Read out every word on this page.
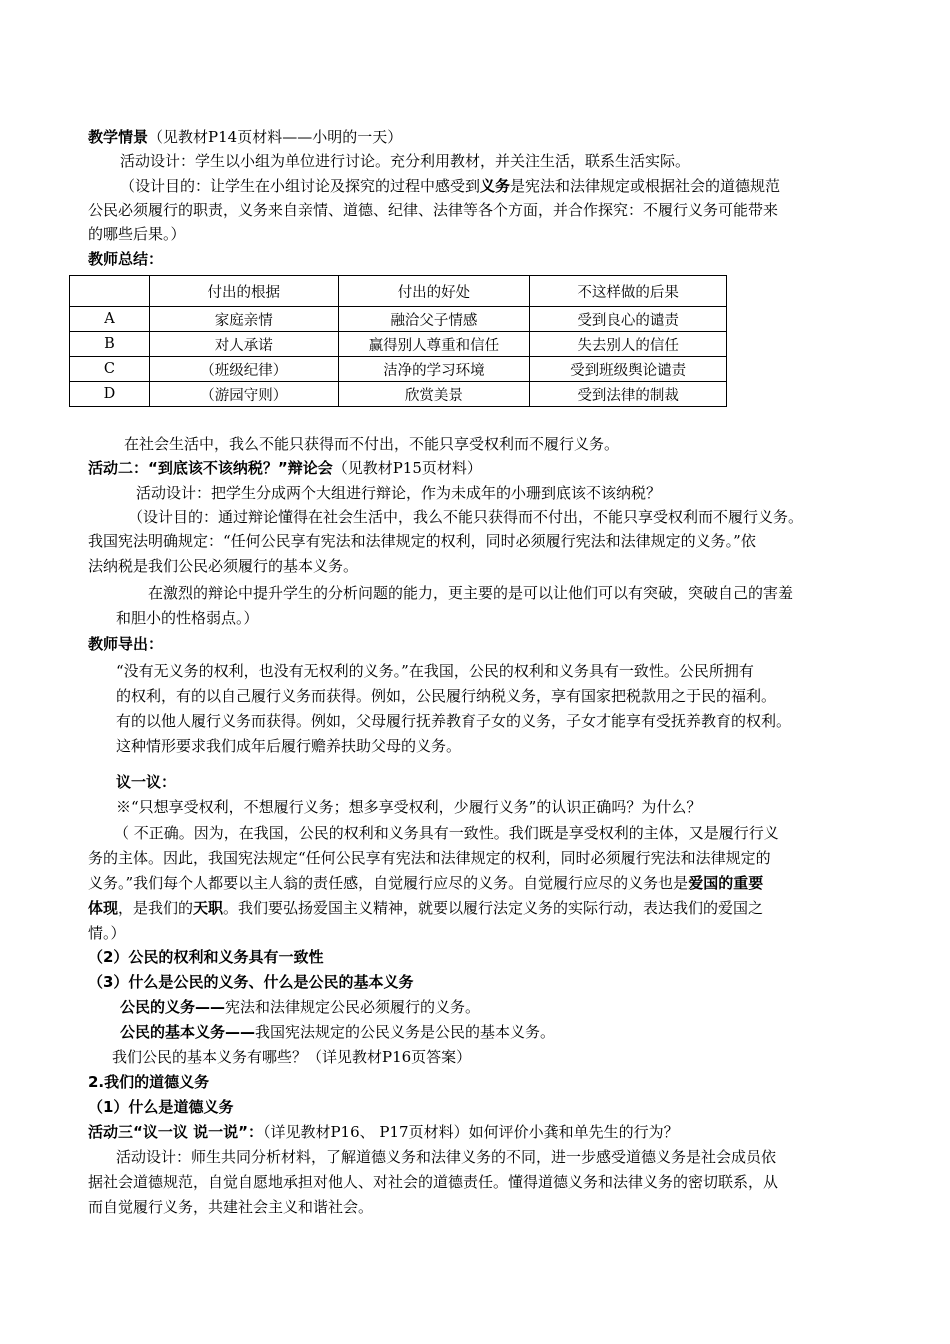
教学情景（见教材P14页材料——小明的一天）
活动设计：学生以小组为单位进行讨论。充分利用教材，并关注生活，联系生活实际。
（设计目的：让学生在小组讨论及探究的过程中感受到义务是宪法和法律规定或根据社会的道德规范
公民必须履行的职责，义务来自亲情、道德、纪律、法律等各个方面，并合作探究：不履行义务可能带来
的哪些后果。）
教师总结：
	付出的根据	付出的好处	不这样做的后果
A	家庭亲情	融洽父子情感	受到良心的谴责
B	对人承诺	赢得别人尊重和信任	失去别人的信任
C	（班级纪律）	洁净的学习环境	受到班级舆论谴责
D	（游园守则）	欣赏美景	受到法律的制裁
在社会生活中，我么不能只获得而不付出，不能只享受权利而不履行义务。
活动二：“到底该不该纳税？”辩论会（见教材P15页材料）
活动设计：把学生分成两个大组进行辩论，作为未成年的小珊到底该不该纳税？
（设计目的：通过辩论懂得在社会生活中，我么不能只获得而不付出，不能只享受权利而不履行义务。
我国宪法明确规定：“任何公民享有宪法和法律规定的权利，同时必须履行宪法和法律规定的义务。”依
法纳税是我们公民必须履行的基本义务。
在激烈的辩论中提升学生的分析问题的能力，更主要的是可以让他们可以有突破，突破自己的害羞
和胆小的性格弱点。）
教师导出：
“没有无义务的权利，也没有无权利的义务。”在我国，公民的权利和义务具有一致性。公民所拥有
的权利，有的以自己履行义务而获得。例如，公民履行纳税义务，享有国家把税款用之于民的福利。
有的以他人履行义务而获得。例如，父母履行抚养教育子女的义务，子女才能享有受抚养教育的权利。
这种情形要求我们成年后履行赡养扶助父母的义务。
议一议：
※“只想享受权利，不想履行义务；想多享受权利，少履行义务”的认识正确吗？为什么？
（ 不正确。因为，在我国，公民的权利和义务具有一致性。我们既是享受权利的主体，又是履行行义
务的主体。因此，我国宪法规定“任何公民享有宪法和法律规定的权利，同时必须履行宪法和法律规定的
义务。”我们每个人都要以主人翁的责任感，自觉履行应尽的义务。自觉履行应尽的义务也是爱国的重要
体现，是我们的天职。我们要弘扬爱国主义精神，就要以履行法定义务的实际行动，表达我们的爱国之
情。）
（2）公民的权利和义务具有一致性
（3）什么是公民的义务、什么是公民的基本义务
公民的义务——宪法和法律规定公民必须履行的义务。
公民的基本义务——我国宪法规定的公民义务是公民的基本义务。
我们公民的基本义务有哪些？（详见教材P16页答案）
2.我们的道德义务
（1）什么是道德义务
活动三“议一议 说一说”：（详见教材P16、 P17页材料）如何评价小龚和单先生的行为？
活动设计：师生共同分析材料，了解道德义务和法律义务的不同，进一步感受道德义务是社会成员依
据社会道德规范，自觉自愿地承担对他人、对社会的道德责任。懂得道德义务和法律义务的密切联系，从
而自觉履行义务，共建社会主义和谐社会。
